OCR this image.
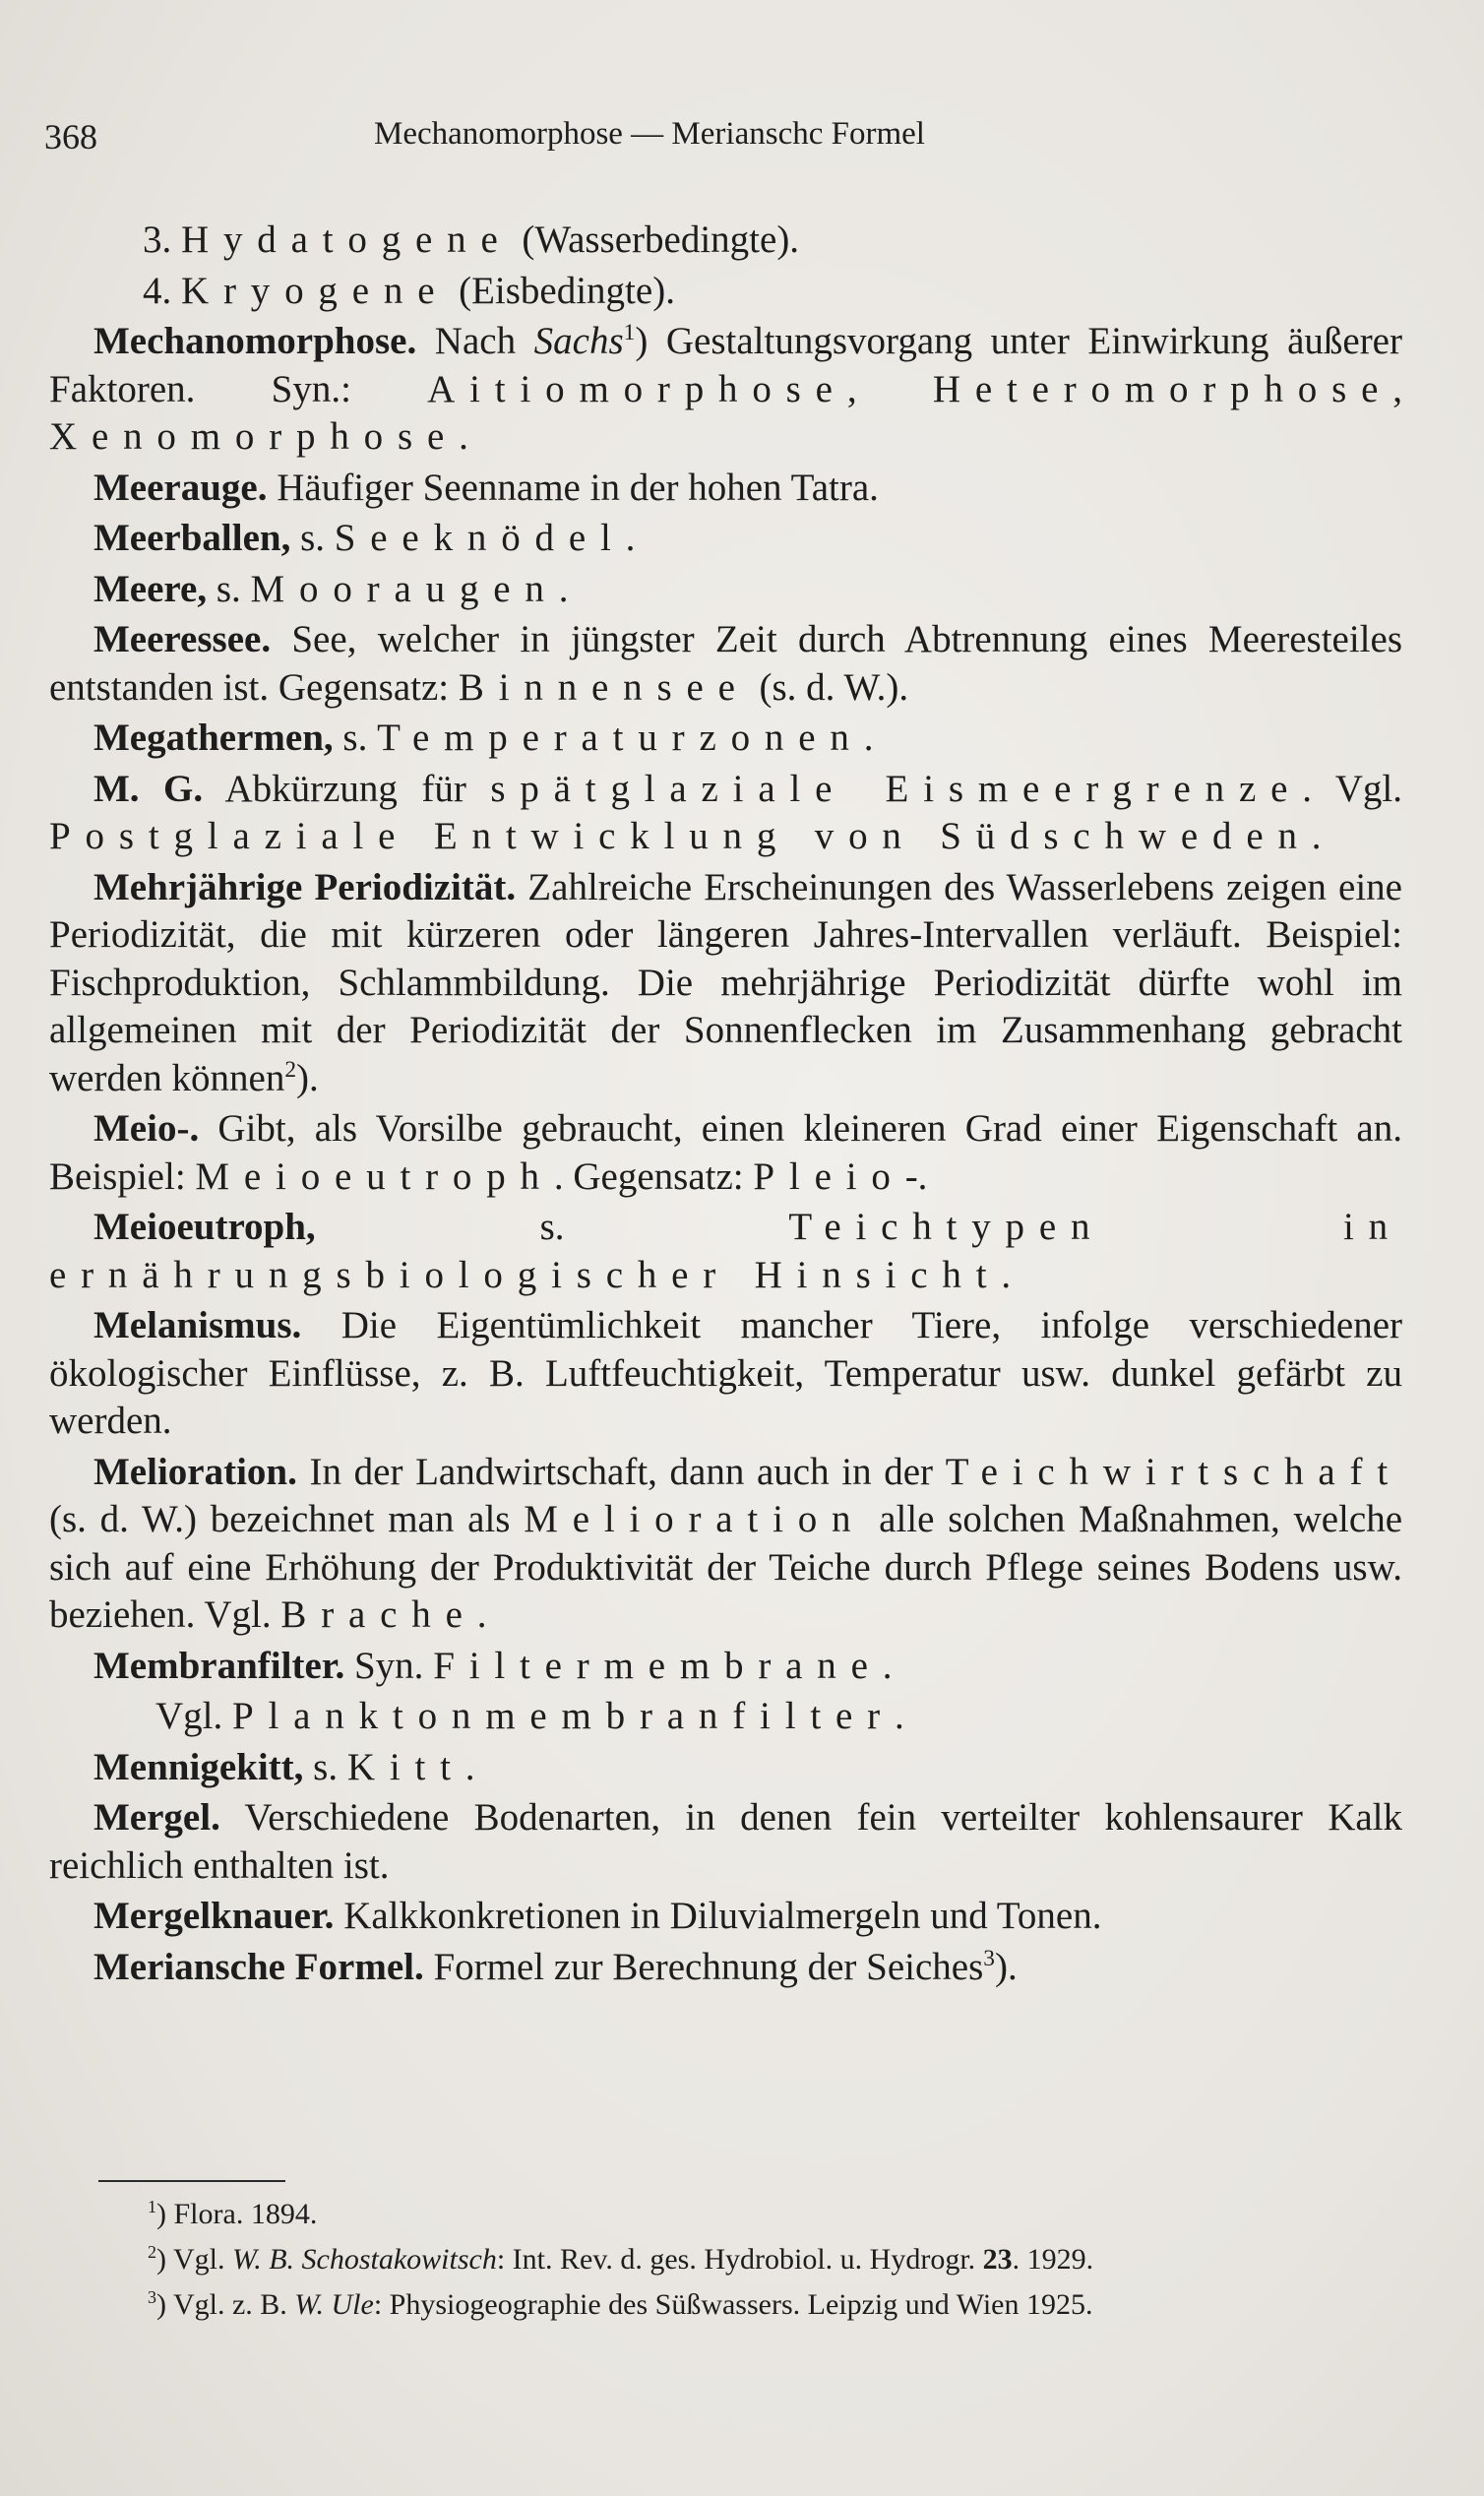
368	Mechanomorphose — Merianschc Formel

3. Hydatogene (Wasserbedingte).

4. Kryogene (Eisbedingte).

Mechanomorphose. Nach Sachs$^1$) Gestaltungsvorgang unter Einwirkung äußerer Faktoren. Syn.: Aitiomorphose, Heteromorphose, Xenomorphose.

Meerauge. Häufiger Seenname in der hohen Tatra.

Meerballen, s. Seeknödel.

Meere, s. Mooraugen.

Meeressee. See, welcher in jüngster Zeit durch Abtrennung eines Meeresteiles entstanden ist. Gegensatz: Binnensee (s. d. W.).

Megathermen, s. Temperaturzonen.

M. G. Abkürzung für spätglaziale Eismeergrenze. Vgl. Postglaziale Entwicklung von Südschweden.

Mehrjährige Periodizität. Zahlreiche Erscheinungen des Wasserlebens zeigen eine Periodizität, die mit kürzeren oder längeren Jahres-Intervallen verläuft. Beispiel: Fischproduktion, Schlammbildung. Die mehrjährige Periodizität dürfte wohl im allgemeinen mit der Periodizität der Sonnenflecken im Zusammenhang gebracht werden können$^2$).

Meio-. Gibt, als Vorsilbe gebraucht, einen kleineren Grad einer Eigenschaft an. Beispiel: Meioeutroph. Gegensatz: Pleio-.

Meioeutroph, s. Teichtypen in ernährungsbiologischer Hinsicht.

Melanismus. Die Eigentümlichkeit mancher Tiere, infolge verschiedener ökologischer Einflüsse, z. B. Luftfeuchtigkeit, Temperatur usw. dunkel gefärbt zu werden.

Melioration. In der Landwirtschaft, dann auch in der Teichwirtschaft (s. d. W.) bezeichnet man als Melioration alle solchen Maßnahmen, welche sich auf eine Erhöhung der Produktivität der Teiche durch Pflege seines Bodens usw. beziehen. Vgl. Brache.

Membranfilter. Syn. Filtermembrane.

Vgl. Planktonmembranfilter.

Mennigekitt, s. Kitt.

Mergel. Verschiedene Bodenarten, in denen fein verteilter kohlensaurer Kalk reichlich enthalten ist.

Mergelknauer. Kalkkonkretionen in Diluvialmergeln und Tonen.

Meriansche Formel. Formel zur Berechnung der Seiches$^3$).

$^1$) Flora. 1894.

$^2$) Vgl. W. B. Schostakowitsch: Int. Rev. d. ges. Hydrobiol. u. Hydrogr. 23. 1929.

$^3$) Vgl. z. B. W. Ule: Physiogeographie des Süßwassers. Leipzig und Wien 1925.
